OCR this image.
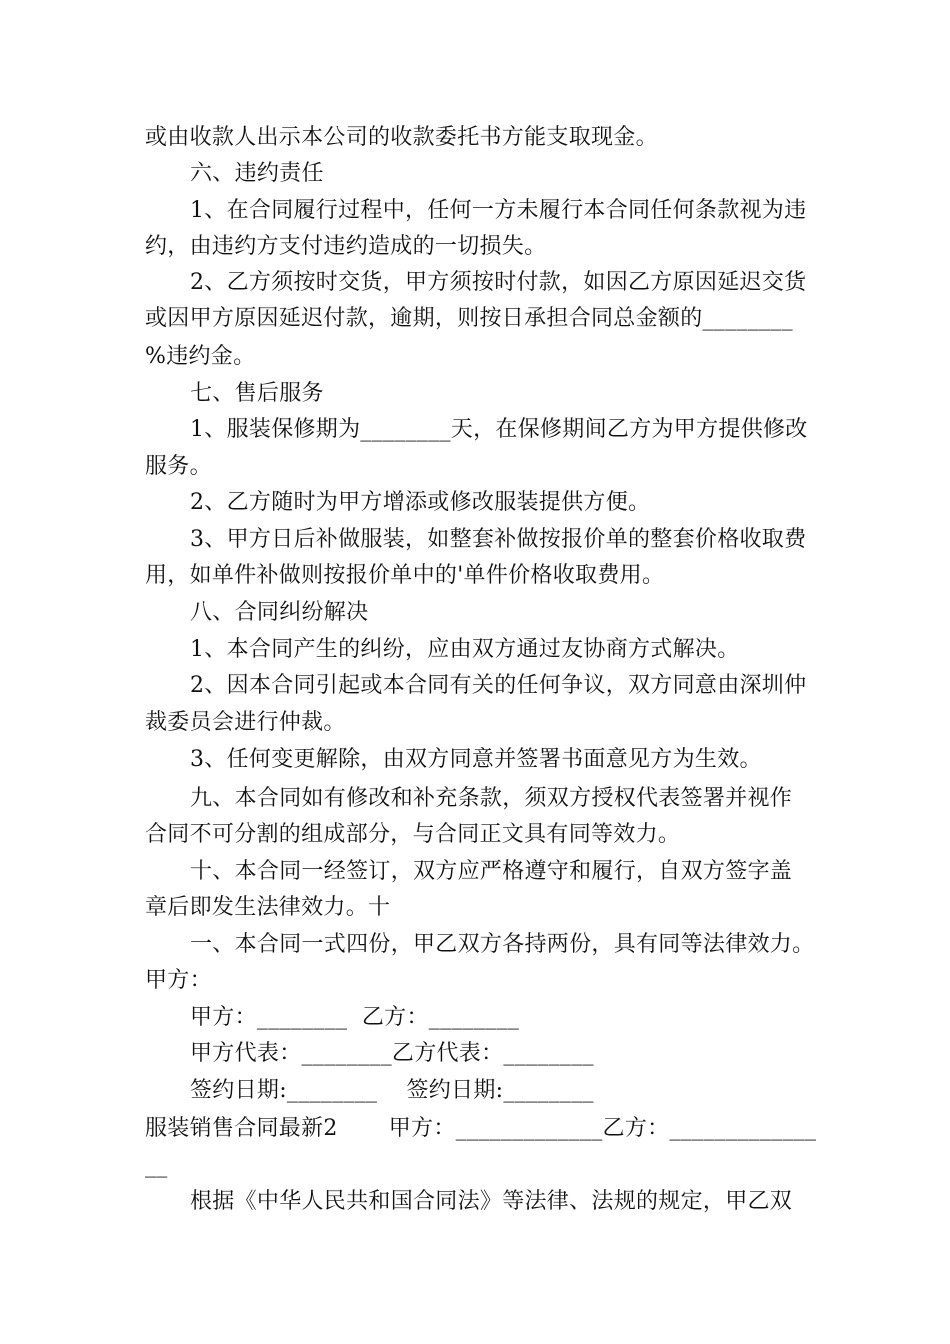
或由收款人出示本公司的收款委托书方能支取现金。
六、违约责任
1、在合同履行过程中，任何一方未履行本合同任何条款视为违
约，由违约方支付违约造成的一切损失。
2、乙方须按时交货，甲方须按时付款，如因乙方原因延迟交货
或因甲方原因延迟付款，逾期，则按日承担合同总金额的________
%违约金。
七、售后服务
1、服装保修期为________天，在保修期间乙方为甲方提供修改
服务。
2、乙方随时为甲方增添或修改服装提供方便。
3、甲方日后补做服装，如整套补做按报价单的整套价格收取费
用，如单件补做则按报价单中的'单件价格收取费用。
八、合同纠纷解决
1、本合同产生的纠纷，应由双方通过友协商方式解决。
2、因本合同引起或本合同有关的任何争议，双方同意由深圳仲
裁委员会进行仲裁。
3、任何变更解除，由双方同意并签署书面意见方为生效。
九、本合同如有修改和补充条款，须双方授权代表签署并视作
合同不可分割的组成部分，与合同正文具有同等效力。
十、本合同一经签订，双方应严格遵守和履行，自双方签字盖
章后即发生法律效力。十
一、本合同一式四份，甲乙双方各持两份，具有同等法律效力。
甲方：
甲方：________  乙方：________
甲方代表：________乙方代表：________
签约日期:________    签约日期:________
服装销售合同最新2       甲方：_____________乙方：_____________
__
根据《中华人民共和国合同法》等法律、法规的规定，甲乙双
